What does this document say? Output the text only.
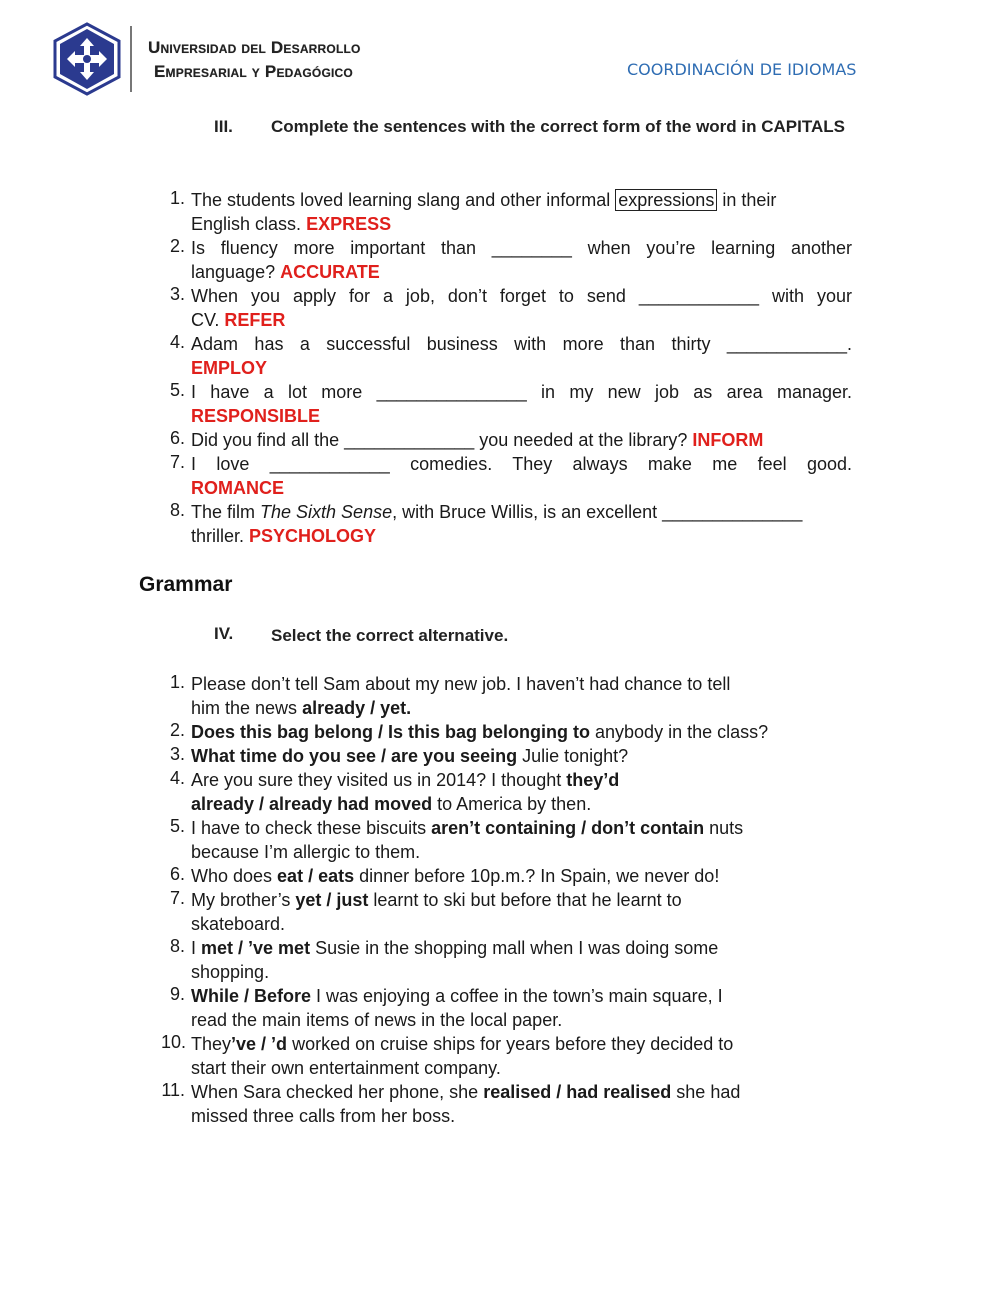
Universidad del Desarrollo
Empresarial y Pedagógico	COORDINACIÓN DE IDIOMAS
III. Complete the sentences with the correct form of the word in CAPITALS
1. The students loved learning slang and other informal expressions in their
English class. EXPRESS
2. Is fluency more important than ________ when you’re learning another
language? ACCURATE
3. When you apply for a job, don’t forget to send ____________ with your
CV. REFER
4. Adam has a successful business with more than thirty ____________.
EMPLOY
5. I have a lot more _______________ in my new job as area manager.
RESPONSIBLE
6. Did you find all the _____________ you needed at the library? INFORM
7. I love ____________ comedies. They always make me feel good.
ROMANCE
8. The film The Sixth Sense, with Bruce Willis, is an excellent ______________
thriller. PSYCHOLOGY
Grammar
IV. Select the correct alternative.
1. Please don’t tell Sam about my new job. I haven’t had chance to tell
him the news already / yet.
2. Does this bag belong / Is this bag belonging to anybody in the class?
3. What time do you see / are you seeing Julie tonight?
4. Are you sure they visited us in 2014? I thought they’d
already / already had moved to America by then.
5. I have to check these biscuits aren’t containing / don’t contain nuts
because I’m allergic to them.
6. Who does eat / eats dinner before 10p.m.? In Spain, we never do!
7. My brother’s yet / just learnt to ski but before that he learnt to
skateboard.
8. I met / ’ve met Susie in the shopping mall when I was doing some
shopping.
9. While / Before I was enjoying a coffee in the town’s main square, I
read the main items of news in the local paper.
10. They’ve / ’d worked on cruise ships for years before they decided to
start their own entertainment company.
11. When Sara checked her phone, she realised / had realised she had
missed three calls from her boss.
